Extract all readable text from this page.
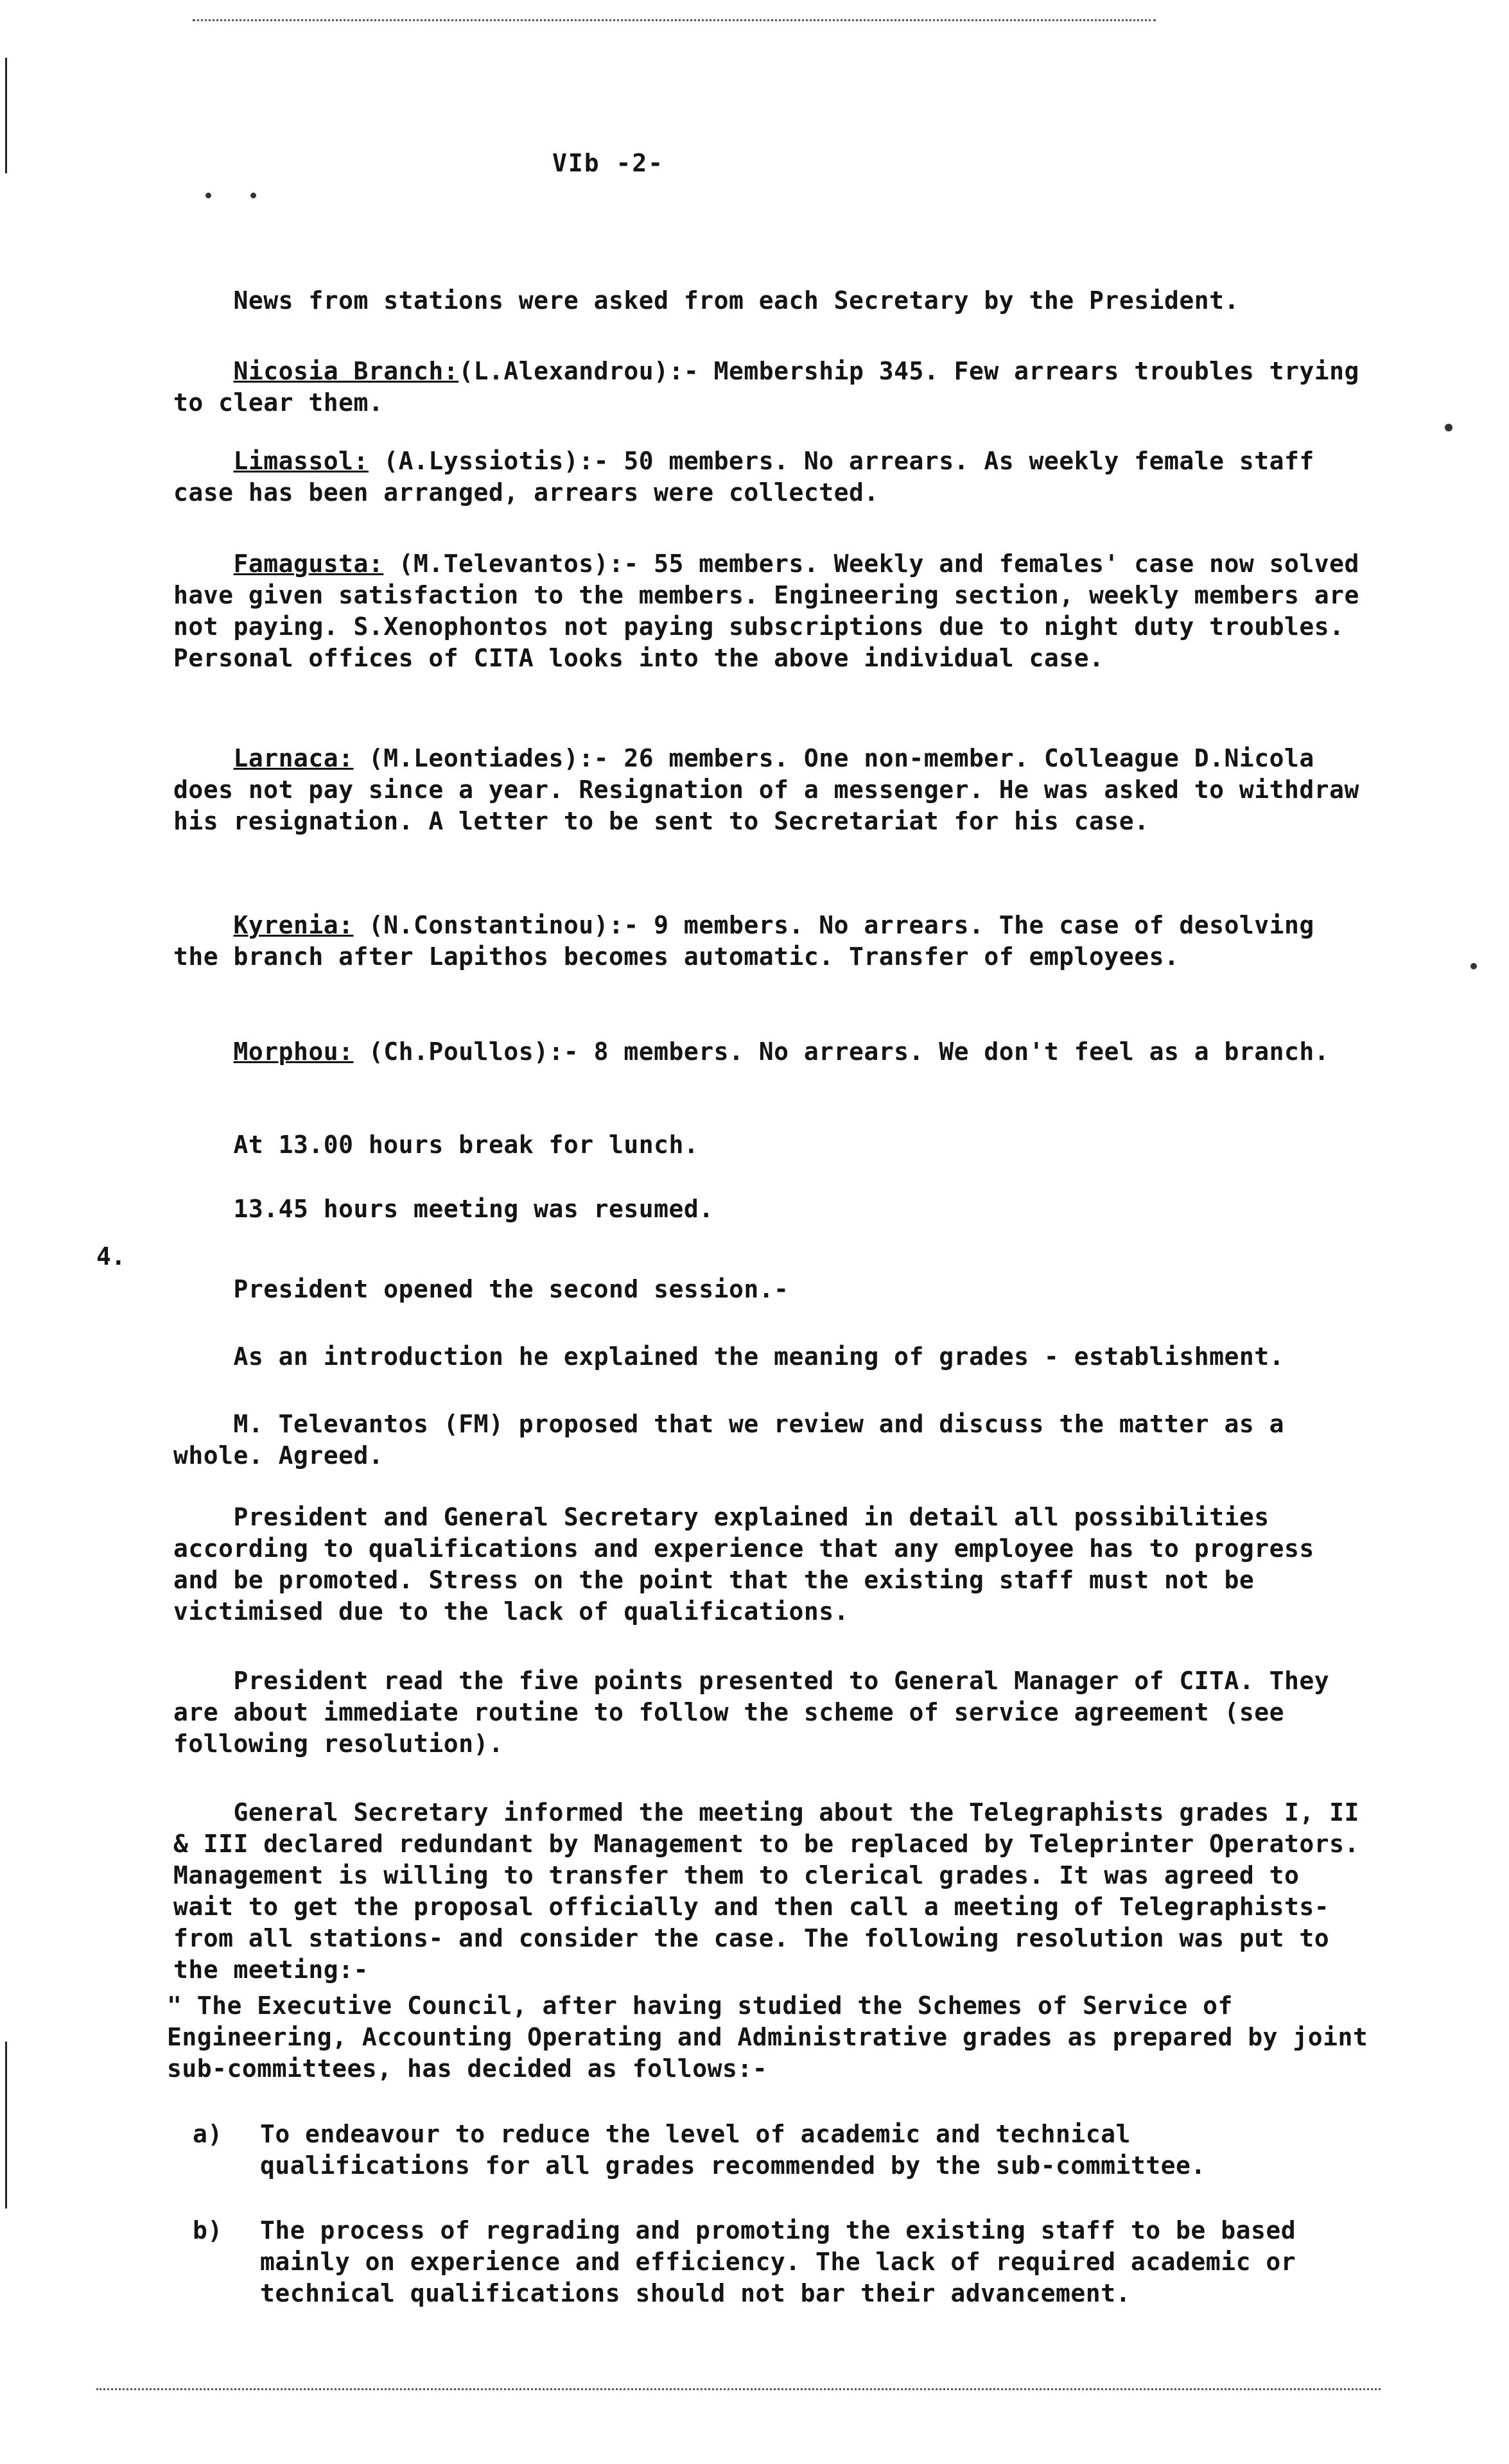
VIb -2-

News from stations were asked from each Secretary by the President.

Nicosia Branch:(L.Alexandrou):- Membership 345. Few arrears troubles trying to clear them.

Limassol: (A.Lyssiotis):- 50 members. No arrears. As weekly female staff case has been arranged, arrears were collected.

Famagusta: (M.Televantos):- 55 members. Weekly and females' case now solved have given satisfaction to the members. Engineering section, weekly members are not paying. S.Xenophontos not paying subscriptions due to night duty troubles. Personal offices of CITA looks into the above individual case.

Larnaca: (M.Leontiades):- 26 members. One non-member. Colleague D.Nicola does not pay since a year. Resignation of a messenger. He was asked to withdraw his resignation. A letter to be sent to Secretariat for his case.

Kyrenia: (N.Constantinou):- 9 members. No arrears. The case of desolving the branch after Lapithos becomes automatic. Transfer of employees.

Morphou: (Ch.Poullos):- 8 members. No arrears. We don't feel as a branch.

At 13.00 hours break for lunch.

13.45 hours meeting was resumed.

4.

President opened the second session.-

As an introduction he explained the meaning of grades - establishment.

M. Televantos (FM) proposed that we review and discuss the matter as a whole. Agreed.

President and General Secretary explained in detail all possibilities according to qualifications and experience that any employee has to progress and be promoted. Stress on the point that the existing staff must not be victimised due to the lack of qualifications.

President read the five points presented to General Manager of CITA. They are about immediate routine to follow the scheme of service agreement (see following resolution).

General Secretary informed the meeting about the Telegraphists grades I, II & III declared redundant by Management to be replaced by Teleprinter Operators. Management is willing to transfer them to clerical grades. It was agreed to wait to get the proposal officially and then call a meeting of Telegraphists-from all stations- and consider the case. The following resolution was put to the meeting:-

" The Executive Council, after having studied the Schemes of Service of Engineering, Accounting Operating and Administrative grades as prepared by joint sub-committees, has decided as follows:-
a) To endeavour to reduce the level of academic and technical qualifications for all grades recommended by the sub-committee.
b) The process of regrading and promoting the existing staff to be based mainly on experience and efficiency. The lack of required academic or technical qualifications should not bar their advancement.
